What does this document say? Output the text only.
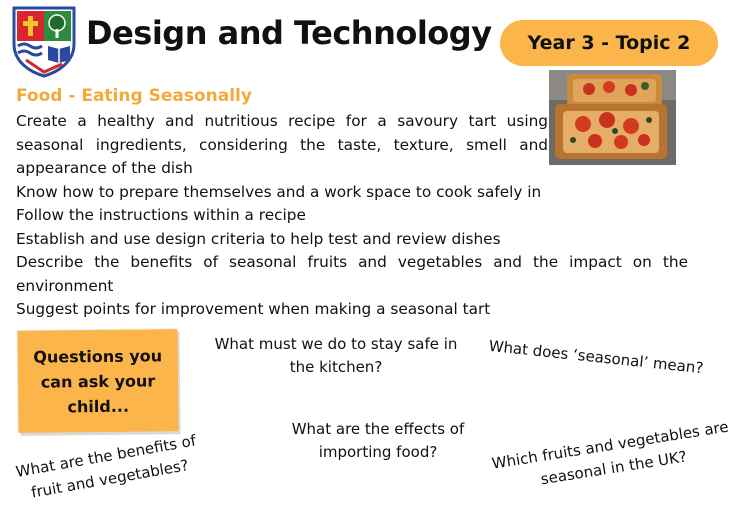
Design and Technology	Year 3 - Topic 2
Food - Eating Seasonally

Create a healthy and nutritious recipe for a savoury tart using seasonal ingredients, considering the taste, texture, smell and appearance of the dish

Know how to prepare themselves and a work space to cook safely in

Follow the instructions within a recipe

Establish and use design criteria to help test and review dishes

Describe the benefits of seasonal fruits and vegetables and the impact on the environment

Suggest points for improvement when making a seasonal tart

Questions you can ask your child...
What must we do to stay safe in the kitchen?	What does ‘seasonal’ mean?
What are the effects of importing food?
What are the benefits of fruit and vegetables?
Which fruits and vegetables are seasonal in the UK?
